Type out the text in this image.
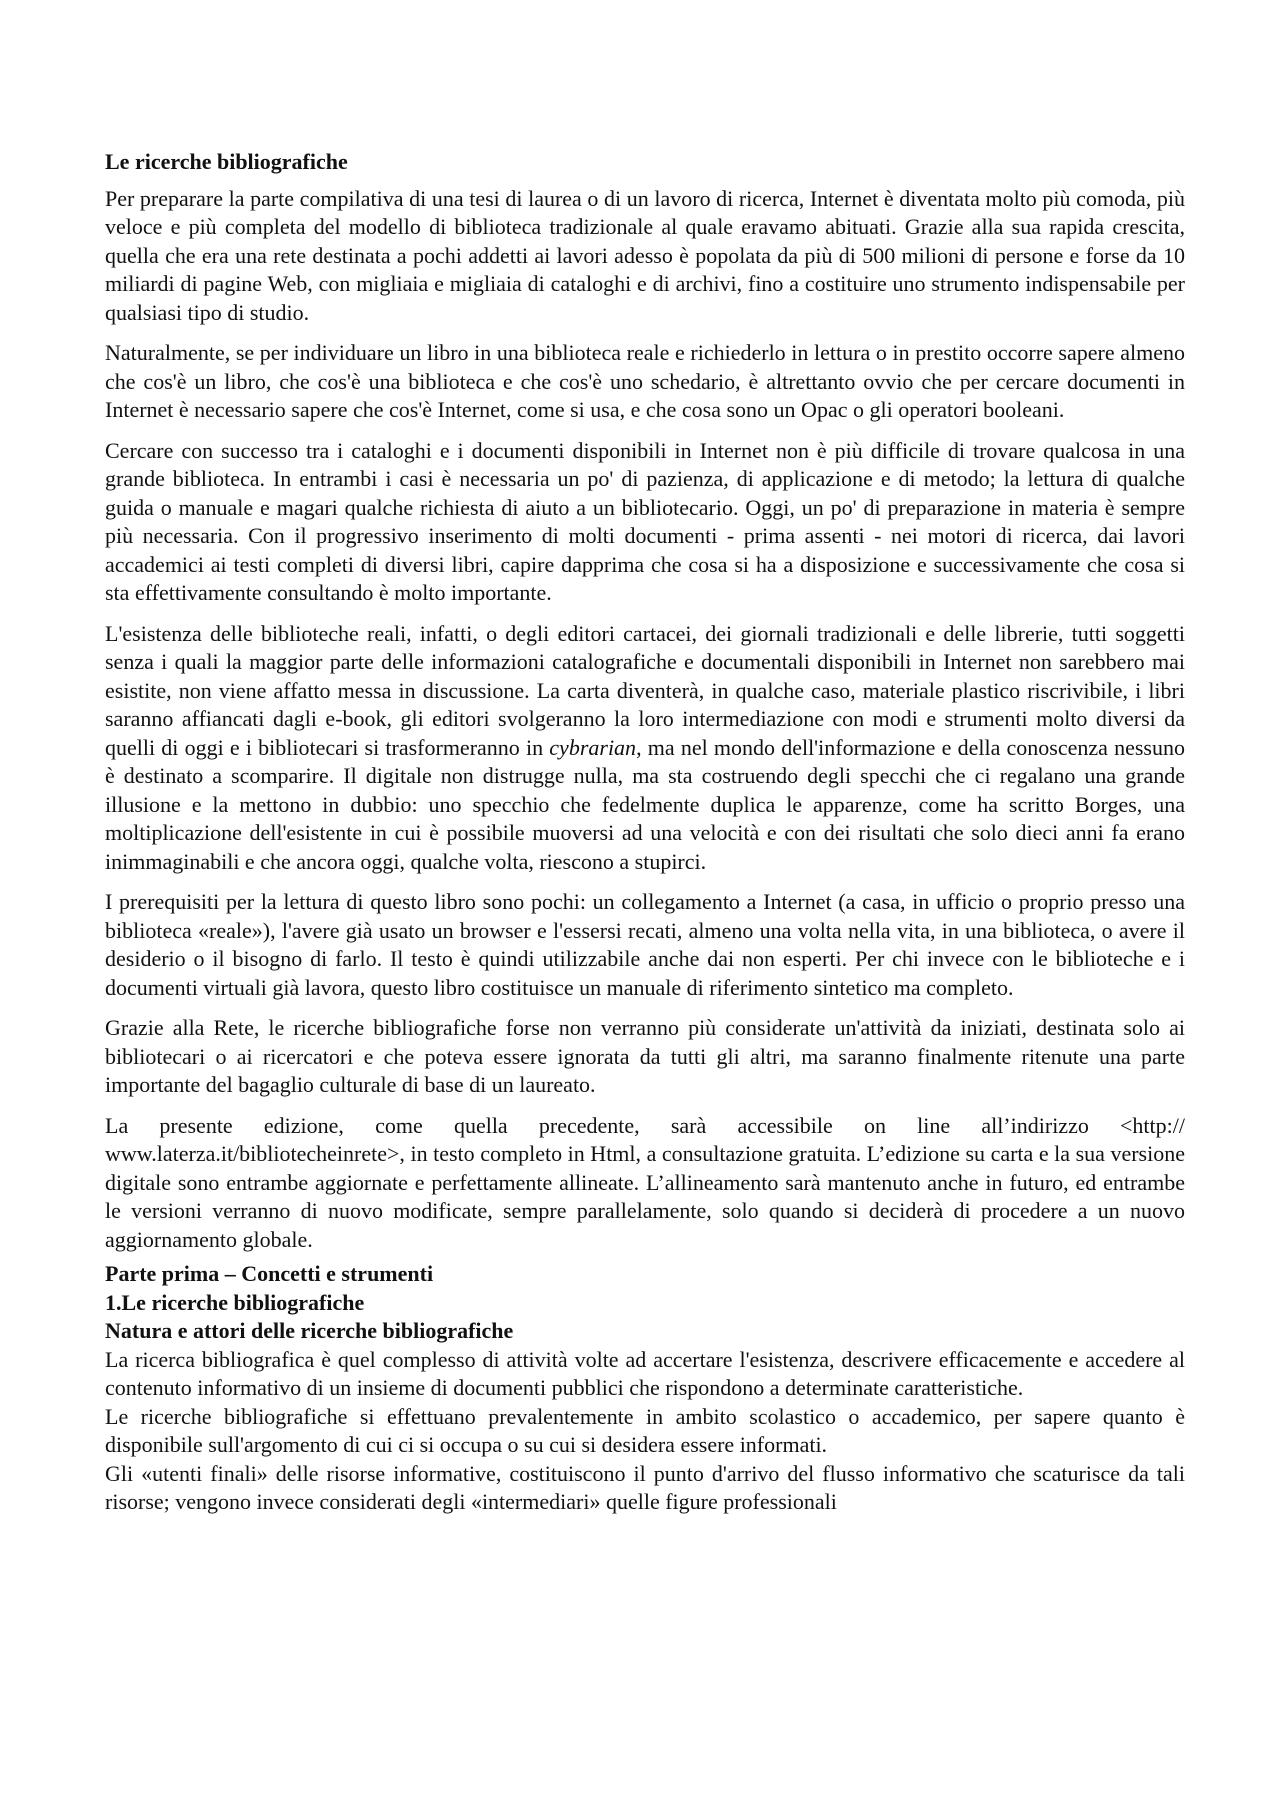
Le ricerche bibliografiche

Per preparare la parte compilativa di una tesi di laurea o di un lavoro di ricerca, Internet è diventata molto più comoda, più veloce e più completa del modello di biblioteca tradizionale al quale eravamo abituati. Grazie alla sua rapida crescita, quella che era una rete destinata a pochi addetti ai lavori adesso è popolata da più di 500 milioni di persone e forse da 10 miliardi di pagine Web, con migliaia e migliaia di cataloghi e di archivi, fino a costituire uno strumento indispensabile per qualsiasi tipo di studio.

Naturalmente, se per individuare un libro in una biblioteca reale e richiederlo in lettura o in prestito occorre sapere almeno che cos'è un libro, che cos'è una biblioteca e che cos'è uno schedario, è altrettanto ovvio che per cercare documenti in Internet è necessario sapere che cos'è Internet, come si usa, e che cosa sono un Opac o gli operatori booleani.

Cercare con successo tra i cataloghi e i documenti disponibili in Internet non è più difficile di trovare qualcosa in una grande biblioteca. In entrambi i casi è necessaria un po' di pazienza, di applicazione e di metodo; la lettura di qualche guida o manuale e magari qualche richiesta di aiuto a un bibliotecario. Oggi, un po' di preparazione in materia è sempre più necessaria. Con il progressivo inserimento di molti documenti - prima assenti - nei motori di ricerca, dai lavori accademici ai testi completi di diversi libri, capire dapprima che cosa si ha a disposizione e successivamente che cosa si sta effettivamente consultando è molto importante.

L'esistenza delle biblioteche reali, infatti, o degli editori cartacei, dei giornali tradizionali e delle librerie, tutti soggetti senza i quali la maggior parte delle informazioni catalografiche e documentali disponibili in Internet non sarebbero mai esistite, non viene affatto messa in discussione. La carta diventerà, in qualche caso, materiale plastico riscrivibile, i libri saranno affiancati dagli e-book, gli editori svolgeranno la loro intermediazione con modi e strumenti molto diversi da quelli di oggi e i bibliotecari si trasformeranno in cybrarian, ma nel mondo dell'informazione e della conoscenza nessuno è destinato a scomparire. Il digitale non distrugge nulla, ma sta costruendo degli specchi che ci regalano una grande illusione e la mettono in dubbio: uno specchio che fedelmente duplica le apparenze, come ha scritto Borges, una moltiplicazione dell'esistente in cui è possibile muoversi ad una velocità e con dei risultati che solo dieci anni fa erano inimmaginabili e che ancora oggi, qualche volta, riescono a stupirci.

I prerequisiti per la lettura di questo libro sono pochi: un collegamento a Internet (a casa, in ufficio o proprio presso una biblioteca «reale»), l'avere già usato un browser e l'essersi recati, almeno una volta nella vita, in una biblioteca, o avere il desiderio o il bisogno di farlo. Il testo è quindi utilizzabile anche dai non esperti. Per chi invece con le biblioteche e i documenti virtuali già lavora, questo libro costituisce un manuale di riferimento sintetico ma completo.

Grazie alla Rete, le ricerche bibliografiche forse non verranno più considerate un'attività da iniziati, destinata solo ai bibliotecari o ai ricercatori e che poteva essere ignorata da tutti gli altri, ma saranno finalmente ritenute una parte importante del bagaglio culturale di base di un laureato.

La presente edizione, come quella precedente, sarà accessibile on line all’indirizzo <http:// www.laterza.it/bibliotecheinrete>, in testo completo in Html, a consultazione gratuita. L’edizione su carta e la sua versione digitale sono entrambe aggiornate e perfettamente allineate. L’allineamento sarà mantenuto anche in futuro, ed entrambe le versioni verranno di nuovo modificate, sempre parallelamente, solo quando si deciderà di procedere a un nuovo aggiornamento globale.

Parte prima – Concetti e strumenti
1.Le ricerche bibliografiche
Natura e attori delle ricerche bibliografiche
La ricerca bibliografica è quel complesso di attività volte ad accertare l'esistenza, descrivere efficacemente e accedere al contenuto informativo di un insieme di documenti pubblici che rispondono a determinate caratteristiche.
Le ricerche bibliografiche si effettuano prevalentemente in ambito scolastico o accademico, per sapere quanto è disponibile sull'argomento di cui ci si occupa o su cui si desidera essere informati.
Gli «utenti finali» delle risorse informative, costituiscono il punto d'arrivo del flusso informativo che scaturisce da tali risorse; vengono invece considerati degli «intermediari» quelle figure professionali
